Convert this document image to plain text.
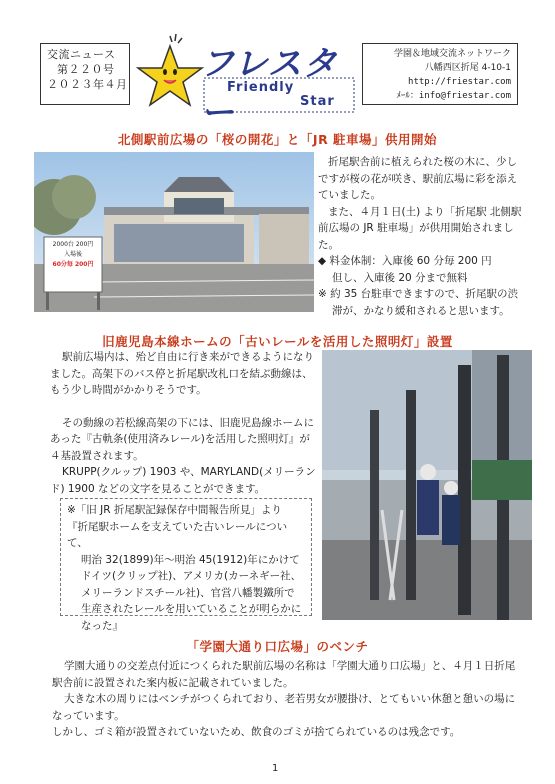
交流ニュース
第２２０号
２０２３年４月
フレスター
Friendly
Star
学園＆地域交流ネットワーク
八幡西区折尾 4-10-1
http://friestar.com
ﾒｰﾙ：info@friestar.com
北側駅前広場の「桜の開花」と「JR 駐車場」供用開始
2000台 200円
入場後
60分毎 200円
折尾駅舎前に植えられた桜の木に、少しですが桜の花が咲き、駅前広場に彩を添えていました。
また、４月１日(土) より「折尾駅 北側駅前広場の JR 駐車場」が供用開始されました。
◆ 料金体制：入庫後 60 分毎 200 円
但し、入庫後 20 分まで無料
※ 約 35 台駐車できますので、折尾駅の渋滞が、かなり緩和されると思います。
旧鹿児島本線ホームの「古いレールを活用した照明灯」設置
駅前広場内は、殆ど自由に行き来ができるようになりました。高架下のバス停と折尾駅改札口を結ぶ動線は、もう少し時間がかかりそうです。
その動線の若松線高架の下には、旧鹿児島線ホームにあった『古軌条(使用済みレール)を活用した照明灯』が４基設置されます。
KRUPP(クルップ) 1903 や、MARYLAND(メリーランド) 1900 などの文字を見ることができます。
※「旧 JR 折尾駅記録保存中間報告所見」より
『折尾駅ホームを支えていた古いレールについて、
明治 32(1899)年～明治 45(1912)年にかけて
ドイツ(クリップ社)、アメリカ(カーネギー社、
メリーランドスチール社)、官営八幡製鐵所で
生産されたレールを用いていることが明らかに
なった』
「学園大通り口広場」のベンチ
学園大通りの交差点付近につくられた駅前広場の名称は「学園大通り口広場」と、４月１日折尾駅舎前に設置された案内板に記載されていました。
大きな木の周りにはベンチがつくられており、老若男女が腰掛け、とてもいい休憩と憩いの場になっています。
しかし、ゴミ箱が設置されていないため、飲食のゴミが捨てられているのは残念です。
1
